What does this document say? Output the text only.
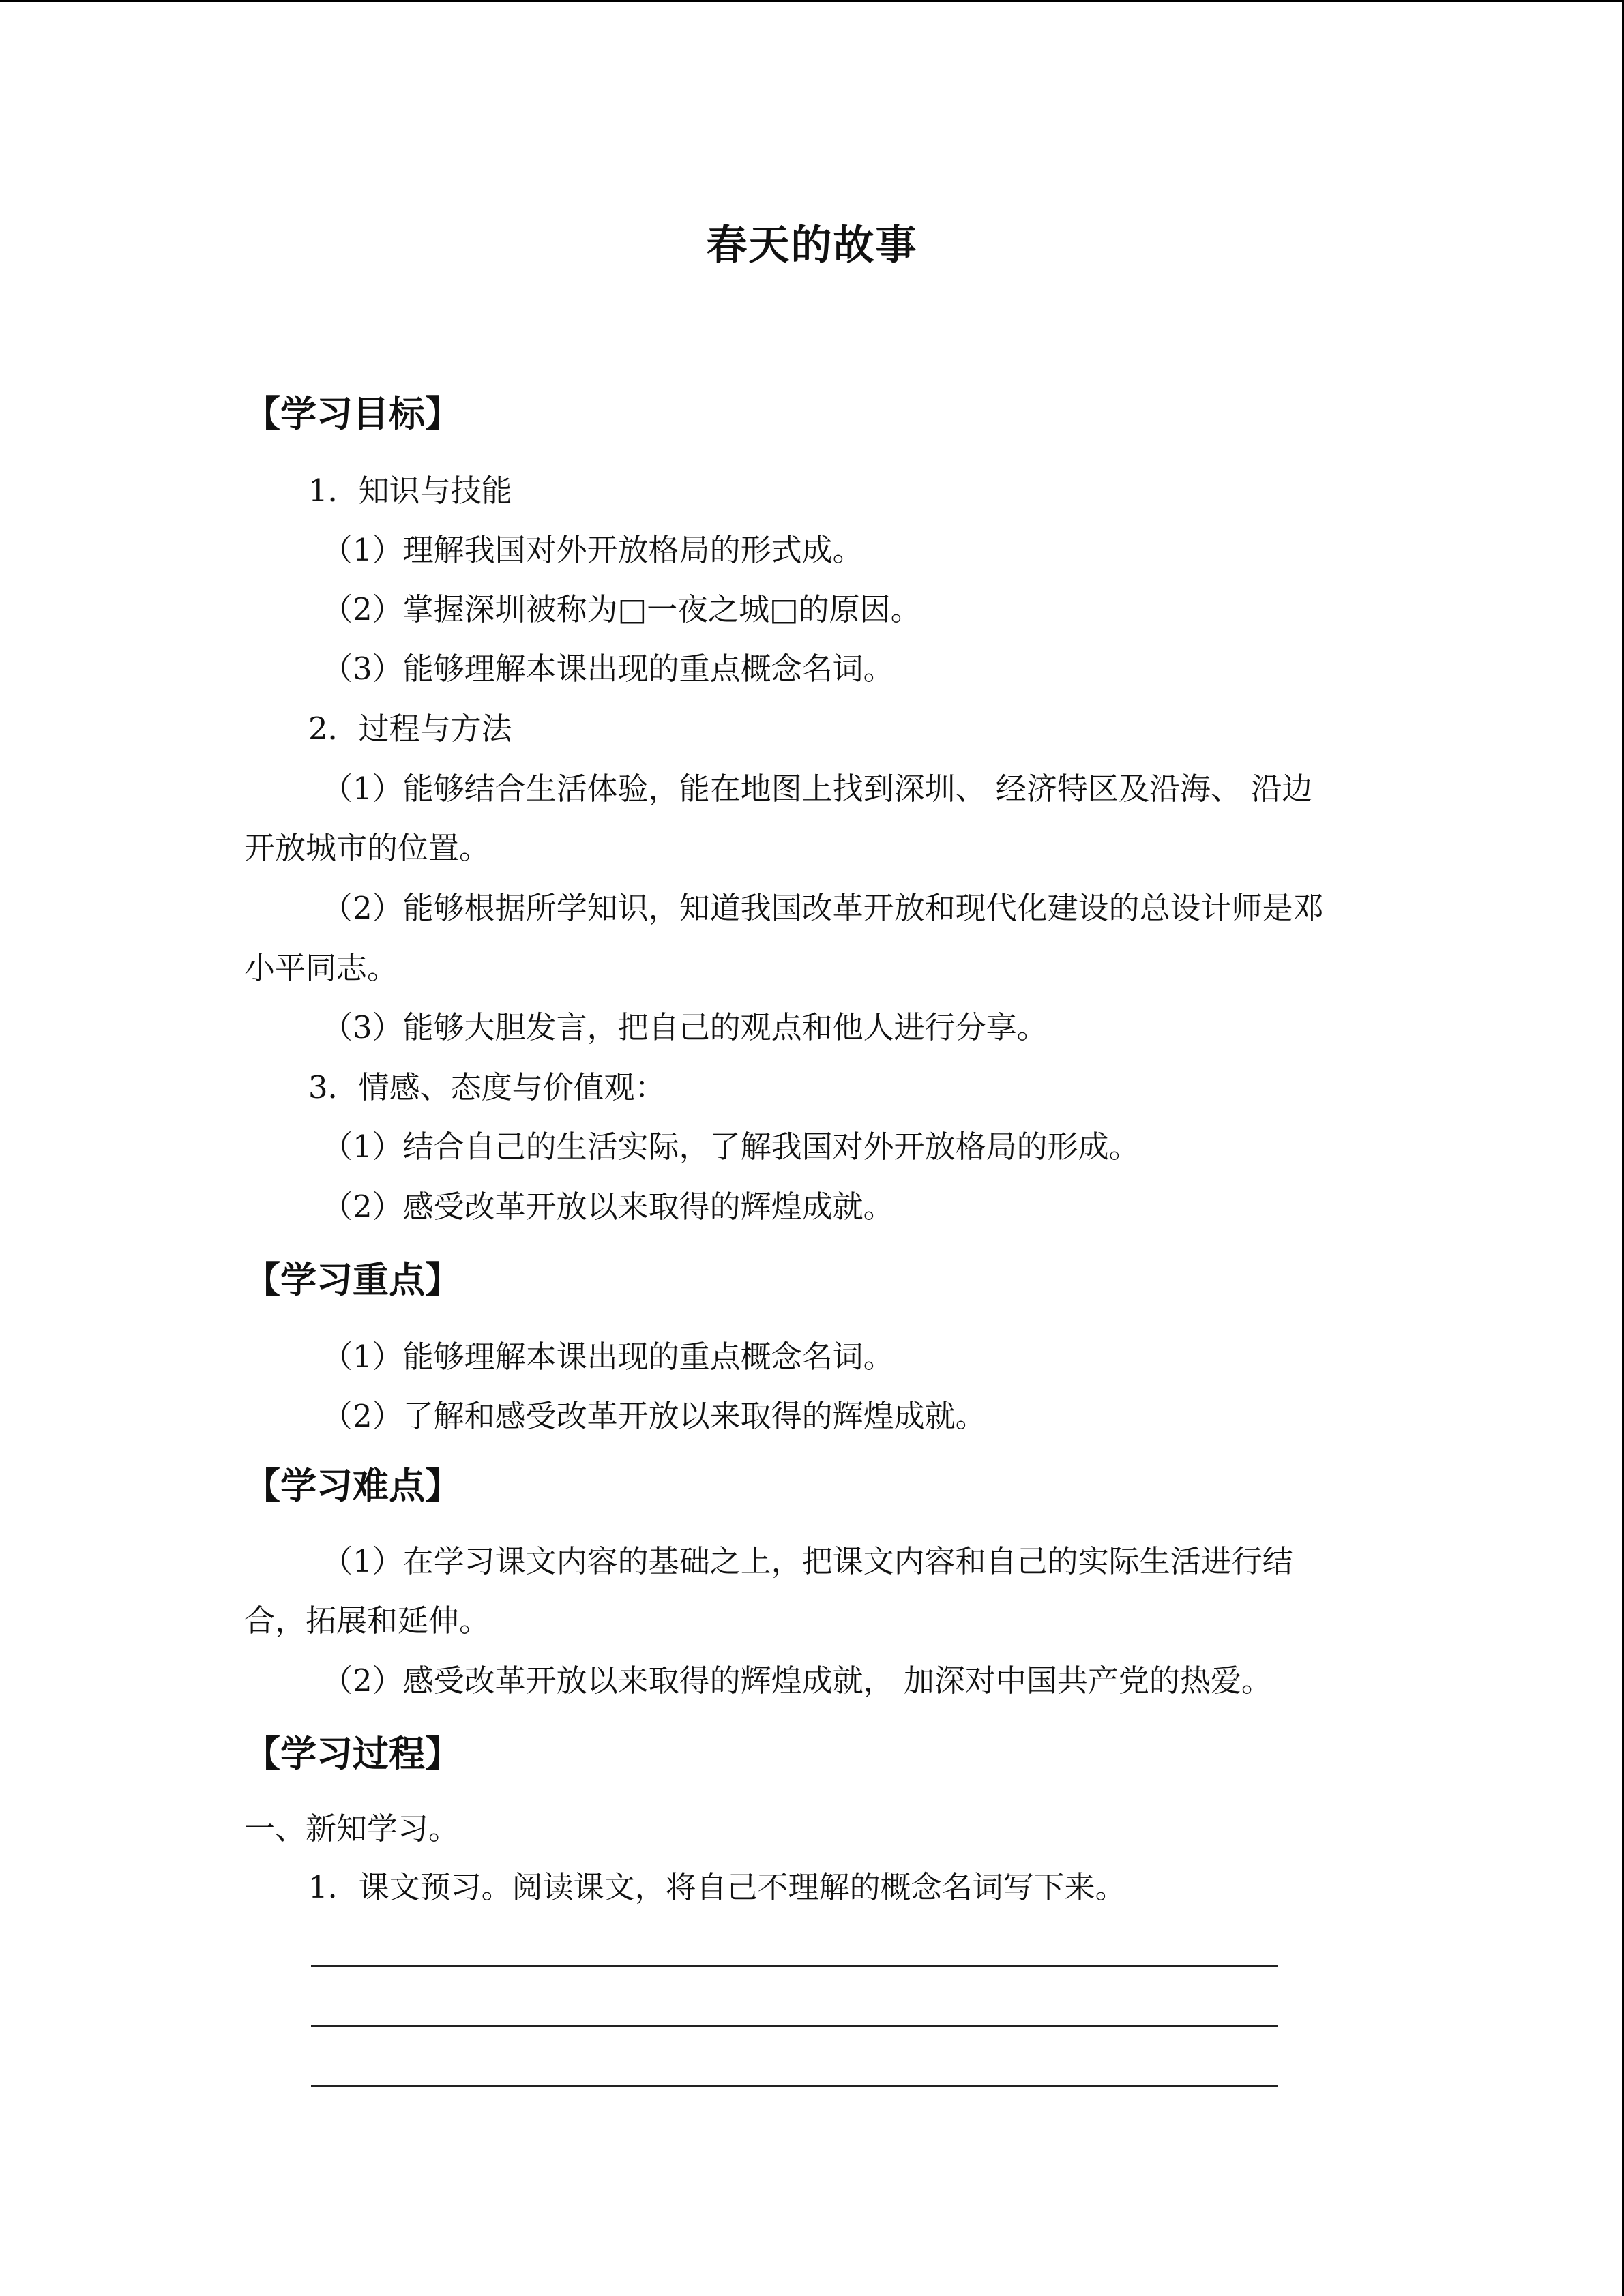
春天的故事
【学习目标】
1．知识与技能
（1）理解我国对外开放格局的形式成。
（2）掌握深圳被称为□一夜之城□的原因。
（3）能够理解本课出现的重点概念名词。
2．过程与方法
（1）能够结合生活体验，能在地图上找到深圳、 经济特区及沿海、 沿边
开放城市的位置。
（2）能够根据所学知识，知道我国改革开放和现代化建设的总设计师是邓
小平同志。
（3）能够大胆发言，把自己的观点和他人进行分享。
3．情感、态度与价值观：
（1）结合自己的生活实际，了解我国对外开放格局的形成。
（2）感受改革开放以来取得的辉煌成就。
【学习重点】
（1）能够理解本课出现的重点概念名词。
（2）了解和感受改革开放以来取得的辉煌成就。
【学习难点】
（1）在学习课文内容的基础之上，把课文内容和自己的实际生活进行结
合，拓展和延伸。
（2）感受改革开放以来取得的辉煌成就， 加深对中国共产党的热爱。
【学习过程】
一、新知学习。
1．课文预习。阅读课文，将自己不理解的概念名词写下来。
